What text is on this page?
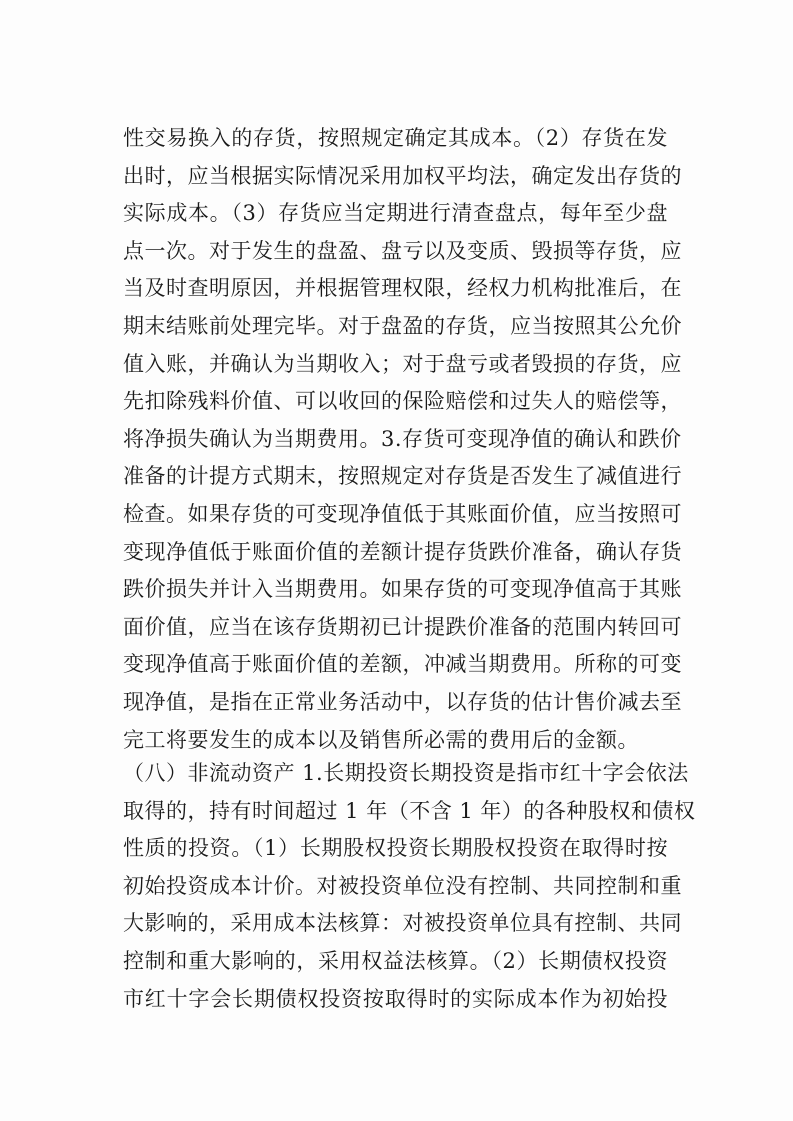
性交易换入的存货，按照规定确定其成本。（2）存货在发
出时，应当根据实际情况采用加权平均法，确定发出存货的
实际成本。（3）存货应当定期进行清查盘点，每年至少盘
点一次。对于发生的盘盈、盘亏以及变质、毁损等存货，应
当及时查明原因，并根据管理权限，经权力机构批准后，在
期末结账前处理完毕。对于盘盈的存货，应当按照其公允价
值入账，并确认为当期收入；对于盘亏或者毁损的存货，应
先扣除残料价值、可以收回的保险赔偿和过失人的赔偿等，
将净损失确认为当期费用。3.存货可变现净值的确认和跌价
准备的计提方式期末，按照规定对存货是否发生了减值进行
检查。如果存货的可变现净值低于其账面价值，应当按照可
变现净值低于账面价值的差额计提存货跌价准备，确认存货
跌价损失并计入当期费用。如果存货的可变现净值高于其账
面价值，应当在该存货期初已计提跌价准备的范围内转回可
变现净值高于账面价值的差额，冲减当期费用。所称的可变
现净值，是指在正常业务活动中，以存货的估计售价减去至
完工将要发生的成本以及销售所必需的费用后的金额。
（八）非流动资产 1.长期投资长期投资是指市红十字会依法
取得的，持有时间超过 1 年（不含 1 年）的各种股权和债权
性质的投资。（1）长期股权投资长期股权投资在取得时按
初始投资成本计价。对被投资单位没有控制、共同控制和重
大影响的，采用成本法核算：对被投资单位具有控制、共同
控制和重大影响的，采用权益法核算。（2）长期债权投资
市红十字会长期债权投资按取得时的实际成本作为初始投
